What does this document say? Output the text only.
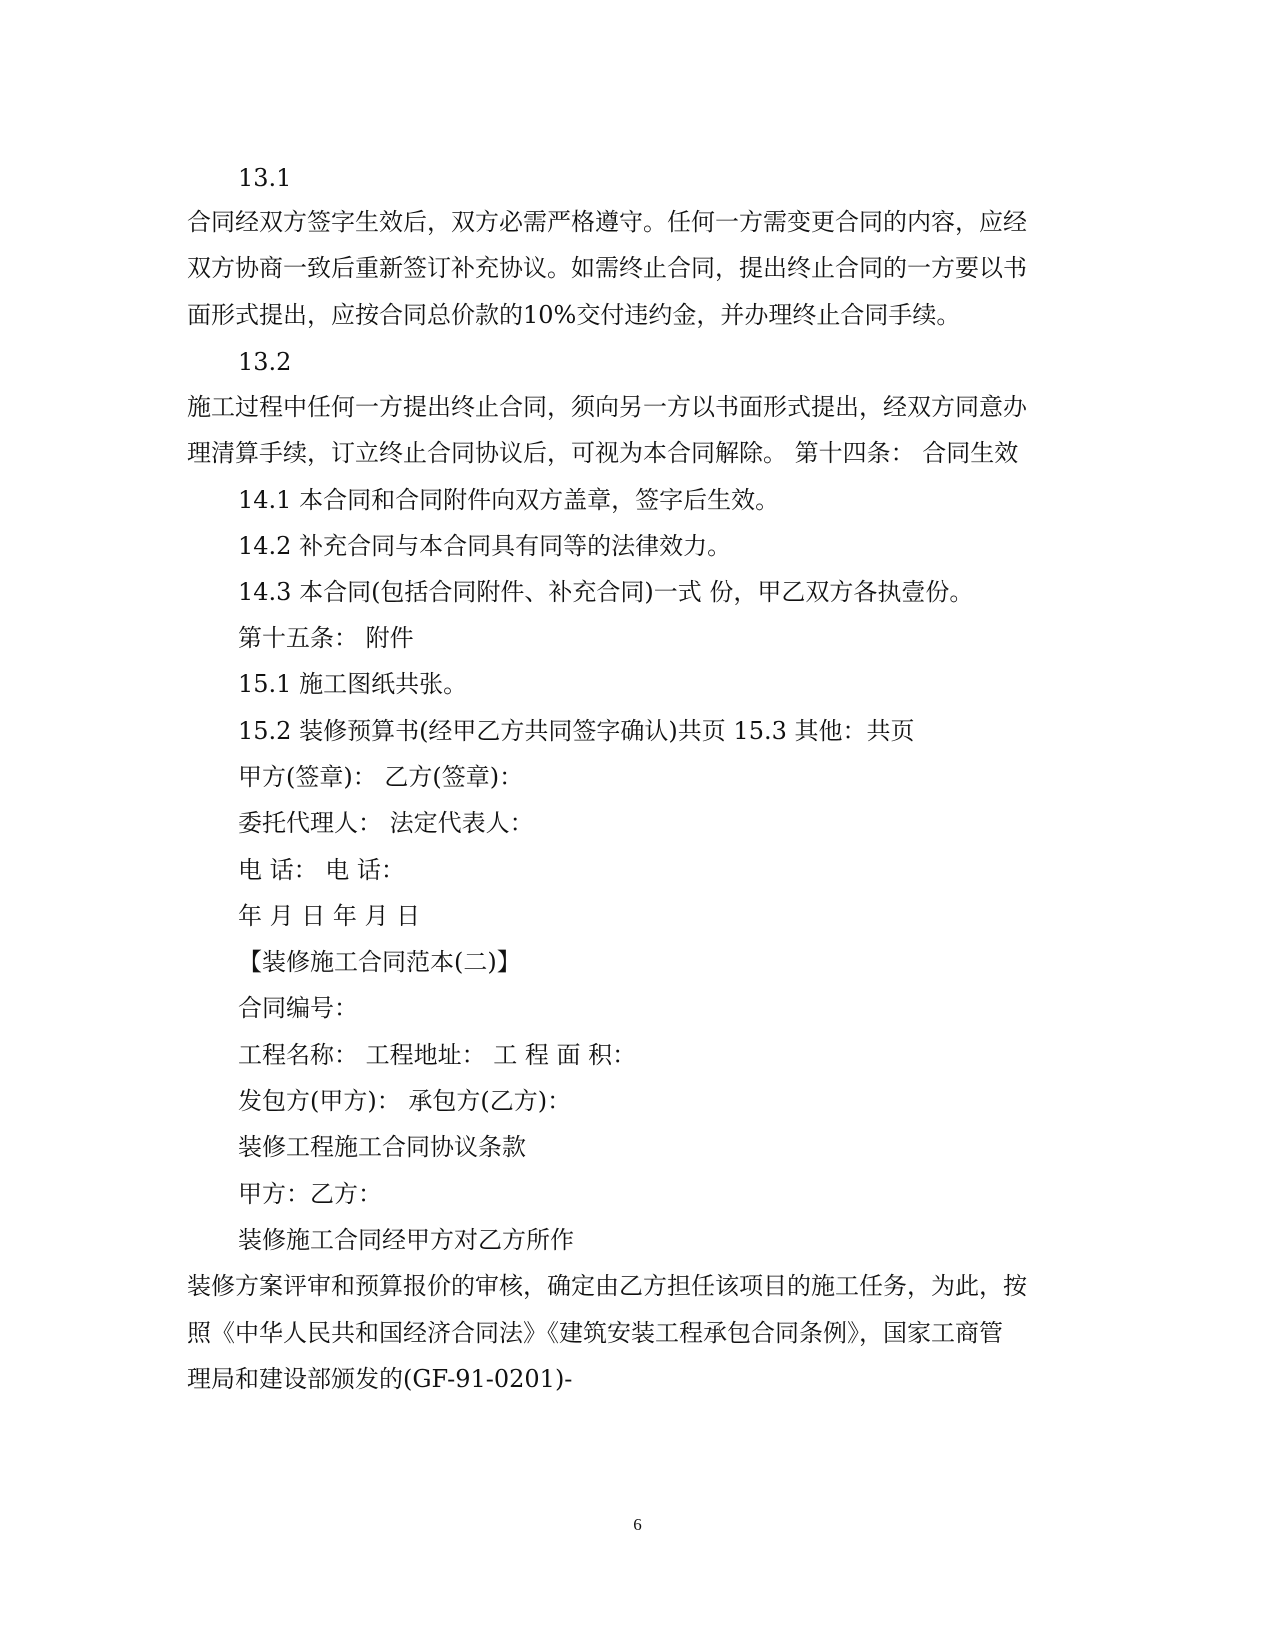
13.1
合同经双方签字生效后，双方必需严格遵守。任何一方需变更合同的内容，应经
双方协商一致后重新签订补充协议。如需终止合同，提出终止合同的一方要以书
面形式提出，应按合同总价款的10%交付违约金，并办理终止合同手续。
13.2
施工过程中任何一方提出终止合同，须向另一方以书面形式提出，经双方同意办
理清算手续，订立终止合同协议后，可视为本合同解除。 第十四条： 合同生效
14.1 本合同和合同附件向双方盖章，签字后生效。
14.2 补充合同与本合同具有同等的法律效力。
14.3 本合同(包括合同附件、补充合同)一式 份，甲乙双方各执壹份。
第十五条： 附件
15.1 施工图纸共张。
15.2 装修预算书(经甲乙方共同签字确认)共页 15.3 其他：共页
甲方(签章)： 乙方(签章)：
委托代理人： 法定代表人：
电 话： 电 话：
年 月 日 年 月 日
【装修施工合同范本(二)】
合同编号：
工程名称： 工程地址： 工 程 面 积：
发包方(甲方)： 承包方(乙方)：
装修工程施工合同协议条款
甲方：乙方：
装修施工合同经甲方对乙方所作
装修方案评审和预算报价的审核，确定由乙方担任该项目的施工任务，为此，按
照《中华人民共和国经济合同法》《建筑安装工程承包合同条例》，国家工商管
理局和建设部颁发的(GF-91-0201)-
6
